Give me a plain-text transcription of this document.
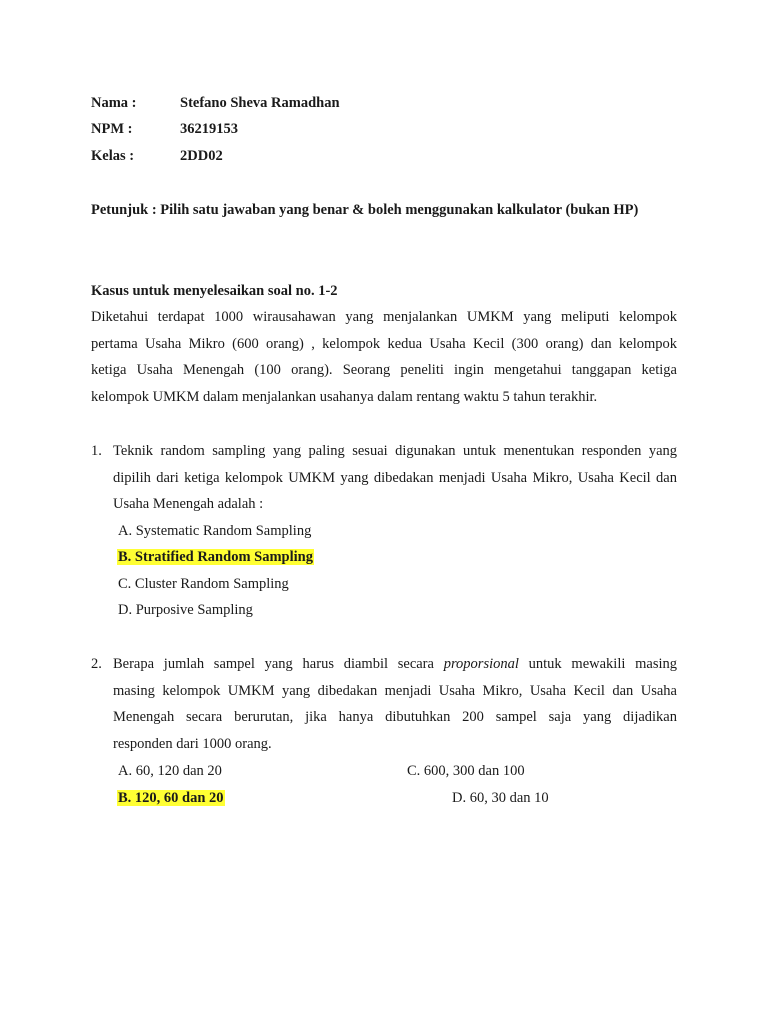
Nama :	Stefano Sheva Ramadhan
NPM :	36219153
Kelas :	2DD02
Petunjuk : Pilih satu jawaban yang benar & boleh menggunakan kalkulator (bukan HP)
Kasus untuk menyelesaikan soal no. 1-2
Diketahui terdapat 1000 wirausahawan yang menjalankan UMKM yang meliputi kelompok
pertama Usaha Mikro (600 orang) , kelompok kedua Usaha Kecil (300 orang) dan kelompok
ketiga Usaha Menengah (100 orang). Seorang peneliti ingin mengetahui tanggapan ketiga
kelompok UMKM dalam menjalankan usahanya dalam rentang waktu 5 tahun terakhir.
1. Teknik random sampling yang paling sesuai digunakan untuk menentukan responden yang
dipilih dari ketiga kelompok UMKM yang dibedakan menjadi Usaha Mikro, Usaha Kecil dan
Usaha Menengah adalah :
A. Systematic Random Sampling
B. Stratified Random Sampling
C. Cluster Random Sampling
D. Purposive Sampling
2. Berapa jumlah sampel yang harus diambil secara proporsional untuk mewakili masing
masing kelompok UMKM yang dibedakan menjadi Usaha Mikro, Usaha Kecil dan Usaha
Menengah secara berurutan, jika hanya dibutuhkan 200 sampel saja yang dijadikan
responden dari 1000 orang.
A. 60, 120 dan 20	C. 600, 300 dan 100
B. 120, 60 dan 20	D. 60, 30 dan 10
